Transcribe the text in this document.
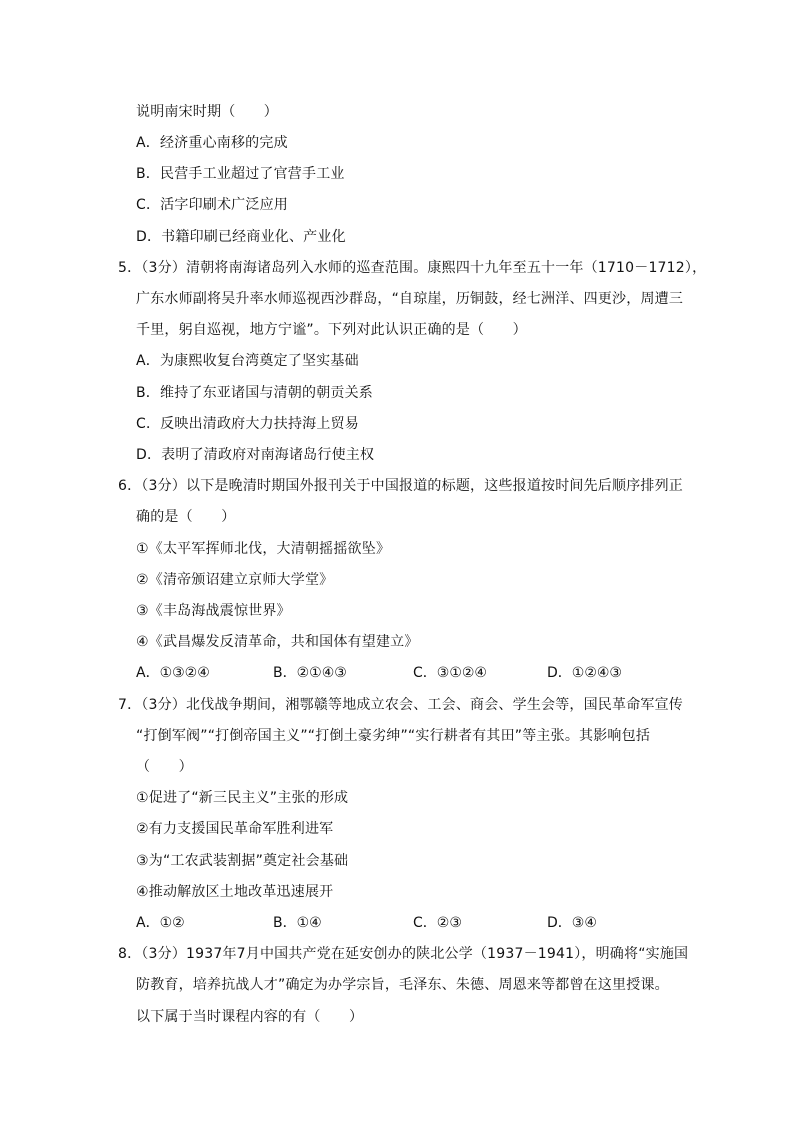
说明南宋时期（　　）
A．经济重心南移的完成
B．民营手工业超过了官营手工业
C．活字印刷术广泛应用
D．书籍印刷已经商业化、产业化
5．（3分）清朝将南海诸岛列入水师的巡查范围。康熙四十九年至五十一年（1710－1712），
广东水师副将吴升率水师巡视西沙群岛，“自琼崖，历铜鼓，经七洲洋、四更沙，周遭三
千里，躬自巡视，地方宁谧”。下列对此认识正确的是（　　）
A．为康熙收复台湾奠定了坚实基础
B．维持了东亚诸国与清朝的朝贡关系
C．反映出清政府大力扶持海上贸易
D．表明了清政府对南海诸岛行使主权
6．（3分）以下是晚清时期国外报刊关于中国报道的标题，这些报道按时间先后顺序排列正
确的是（　　）
①《太平军挥师北伐，大清朝摇摇欲坠》
②《清帝颁诏建立京师大学堂》
③《丰岛海战震惊世界》
④《武昌爆发反清革命，共和国体有望建立》
A．①③②④	B．②①④③	C．③①②④	D．①②④③
7．（3分）北伐战争期间，湘鄂赣等地成立农会、工会、商会、学生会等，国民革命军宣传
“打倒军阀”“打倒帝国主义”“打倒土豪劣绅”“实行耕者有其田”等主张。其影响包括
（　　）
①促进了“新三民主义”主张的形成
②有力支援国民革命军胜利进军
③为“工农武装割据”奠定社会基础
④推动解放区土地改革迅速展开
A．①②	B．①④	C．②③	D．③④
8．（3分）1937年7月中国共产党在延安创办的陕北公学（1937－1941），明确将“实施国
防教育，培养抗战人才”确定为办学宗旨，毛泽东、朱德、周恩来等都曾在这里授课。
以下属于当时课程内容的有（　　）
